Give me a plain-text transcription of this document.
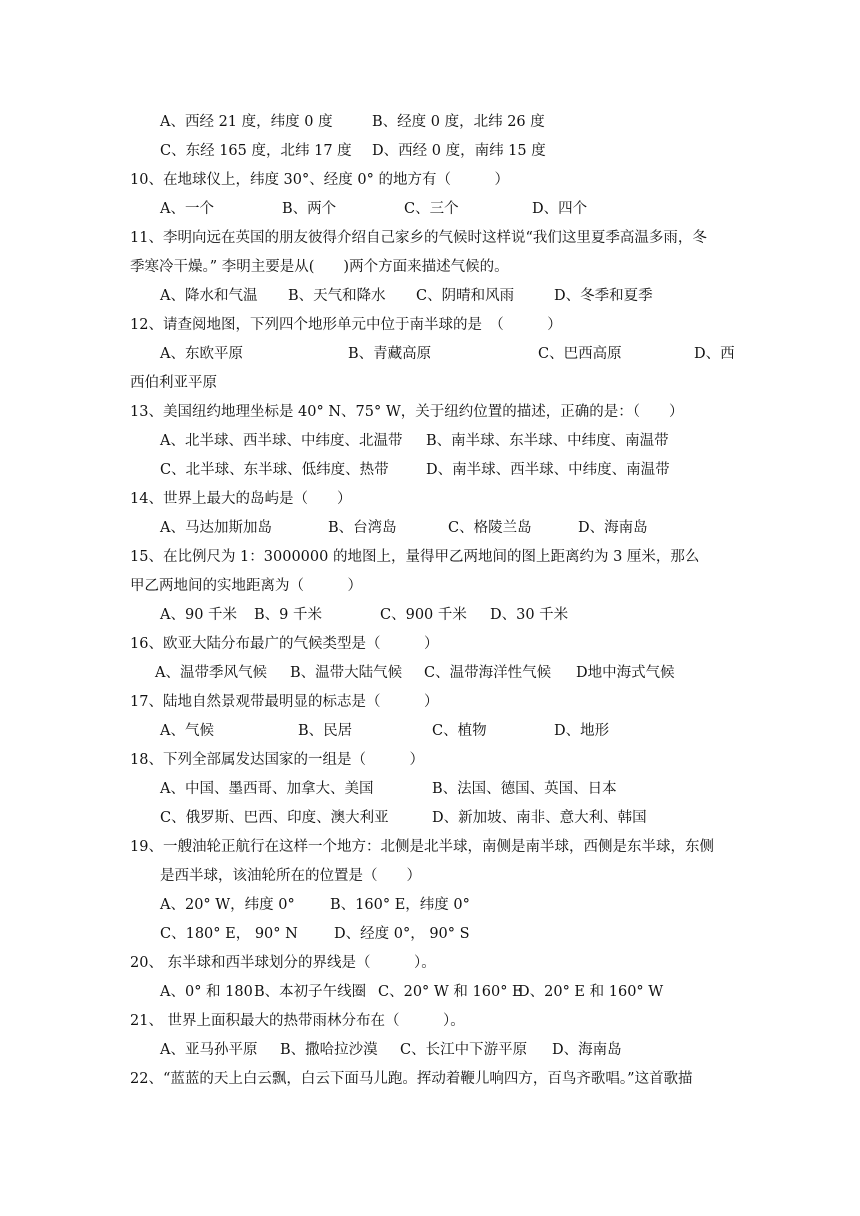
A、西经 21 度，纬度 0 度	B、经度 0 度，北纬 26 度
C、东经 165 度，北纬 17 度 D、西经 0 度，南纬 15 度
10、在地球仪上，纬度 30°、经度 0° 的地方有（　　　）
A、一个	B、两个	C、三个	D、四个
11、李明向远在英国的朋友彼得介绍自己家乡的气候时这样说“我们这里夏季高温多雨，冬
季寒冷干燥。” 李明主要是从(　　)两个方面来描述气候的。
A、降水和气温 B、天气和降水 C、阴晴和风雨	D、冬季和夏季
12、请查阅地图，下列四个地形单元中位于南半球的是　（　　　）
A、东欧平原	B、青藏高原	C、巴西高原	D、西
西伯利亚平原
13、美国纽约地理坐标是 40° N、75° W，关于纽约位置的描述，正确的是：（　　）
A、北半球、西半球、中纬度、北温带 B、南半球、东半球、中纬度、南温带
C、北半球、东半球、低纬度、热带	D、南半球、西半球、中纬度、南温带
14、世界上最大的岛屿是（　　）
A、马达加斯加岛	B、台湾岛	C、格陵兰岛	D、海南岛
15、在比例尺为 1：3000000 的地图上，量得甲乙两地间的图上距离约为 3 厘米，那么
甲乙两地间的实地距离为（　　　）
A、90 千米 B、9 千米	C、900 千米 D、30 千米
16、欧亚大陆分布最广的气候类型是（　　　）
A、温带季风气候 B、温带大陆气候 C、温带海洋性气候 D地中海式气候
17、陆地自然景观带最明显的标志是（　　　）
A、气候	B、民居	C、植物	D、地形
18、下列全部属发达国家的一组是（　　　）
A、中国、墨西哥、加拿大、美国	B、法国、德国、英国、日本
C、俄罗斯、巴西、印度、澳大利亚	D、新加坡、南非、意大利、韩国
19、一艘油轮正航行在这样一个地方：北侧是北半球，南侧是南半球，西侧是东半球，东侧
是西半球，该油轮所在的位置是（　　）
A、20° W，纬度 0° B、160° E，纬度 0°
C、180° E， 90° N D、经度 0°， 90° S
20、 东半球和西半球划分的界线是（　　　）。
A、0° 和 180B、本初子午线圈 C、20° W 和 160° ED、20° E 和 160° W
21、 世界上面积最大的热带雨林分布在（　　　）。
A、亚马孙平原 B、撒哈拉沙漠 C、长江中下游平原 D、海南岛
22、“蓝蓝的天上白云飘，白云下面马儿跑。挥动着鞭儿响四方，百鸟齐歌唱。”这首歌描
